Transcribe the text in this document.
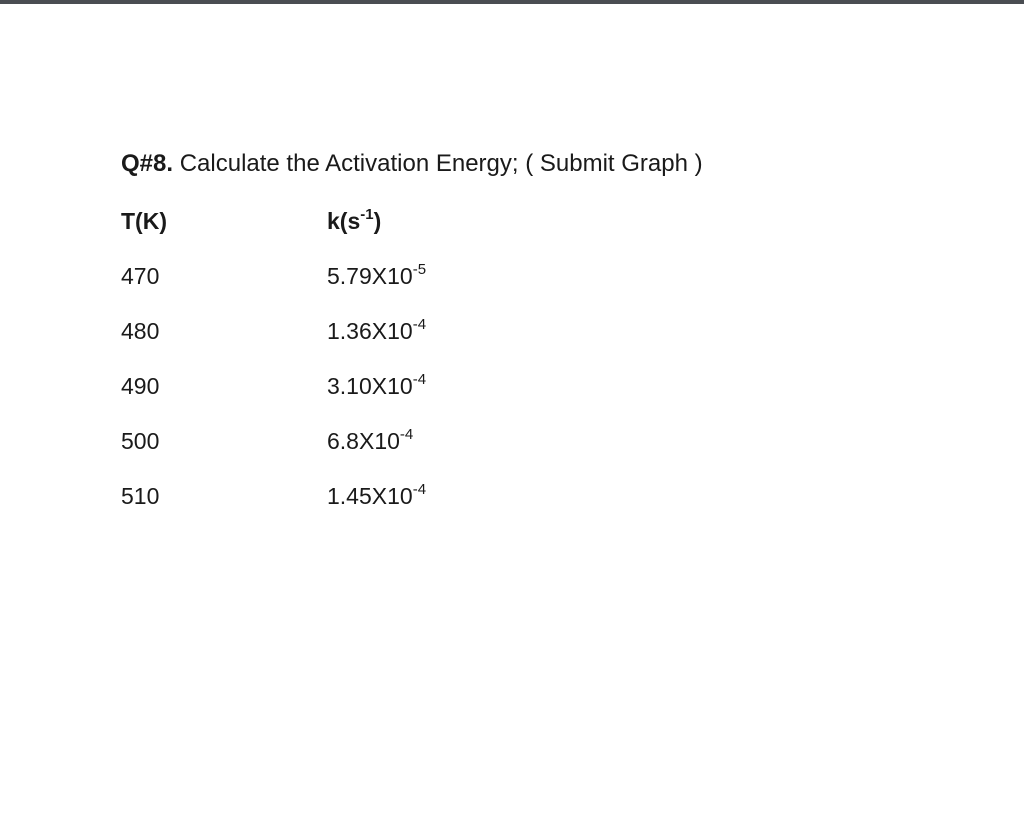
Q#8. Calculate the Activation Energy; ( Submit Graph )
T(K)	$k(s^{-1})$
470	$5.79X10^{-5}$
480	$1.36X10^{-4}$
490	$3.10X10^{-4}$
500	$6.8X10^{-4}$
510	$1.45X10^{-4}$
